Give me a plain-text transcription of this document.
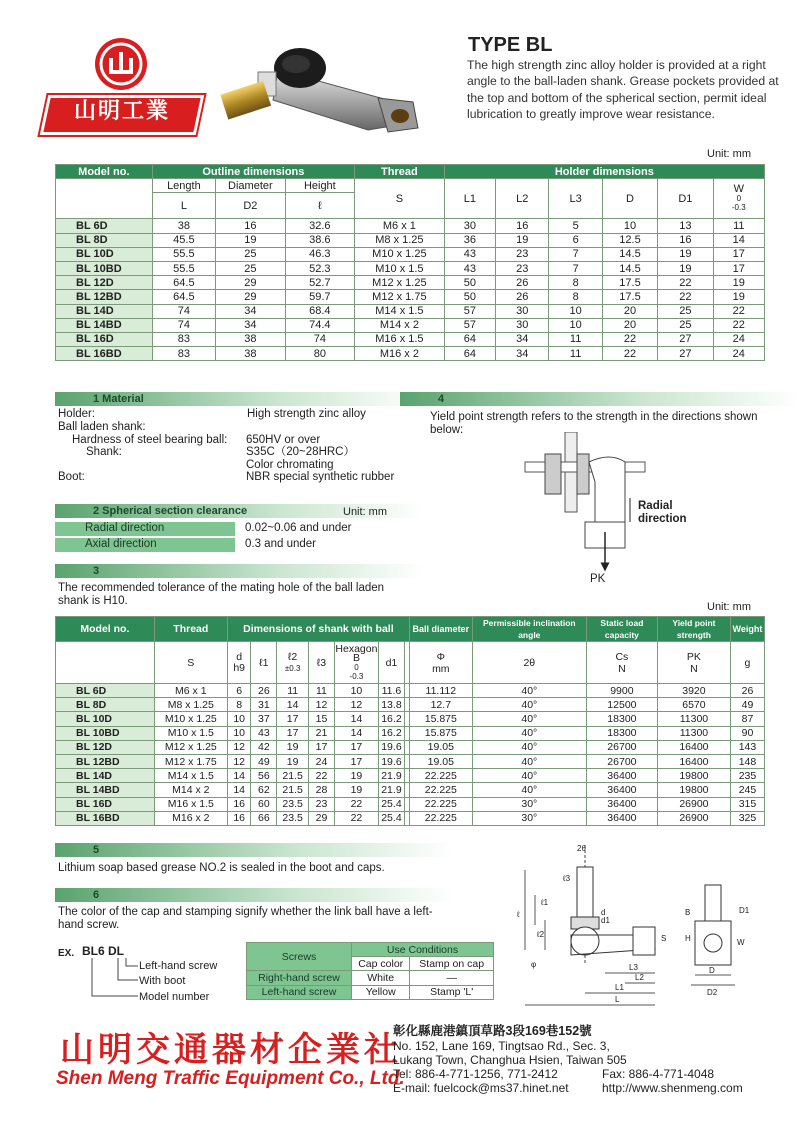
山明工業
TYPE BL
The high strength zinc alloy holder is provided at a right angle to the ball-laden shank. Grease pockets provided at the top and bottom of the spherical section, permit ideal lubrication to greatly improve wear resistance.
Unit: mm
Model no.	Outline dimensions			Thread	Holder dimensions					
	Length	Diameter	Height	S	L1	L2	L3	D	D1	W
0
-0.3
	L	D2	ℓ							
BL 6D	38	16	32.6	M6 x 1	30	16	5	10	13	11
BL 8D	45.5	19	38.6	M8 x 1.25	36	19	6	12.5	16	14
BL 10D	55.5	25	46.3	M10 x 1.25	43	23	7	14.5	19	17
BL 10BD	55.5	25	52.3	M10 x 1.5	43	23	7	14.5	19	17
BL 12D	64.5	29	52.7	M12 x 1.25	50	26	8	17.5	22	19
BL 12BD	64.5	29	59.7	M12 x 1.75	50	26	8	17.5	22	19
BL 14D	74	34	68.4	M14 x 1.5	57	30	10	20	25	22
BL 14BD	74	34	74.4	M14 x 2	57	30	10	20	25	22
BL 16D	83	38	74	M16 x 1.5	64	34	11	22	27	24
BL 16BD	83	38	80	M16 x 2	64	34	11	22	27	24
1 Material
Holder:	High strength zinc alloy
Ball laden shank:
Hardness of steel bearing ball: 650HV or over
Shank:	S35C（20~28HRC）
Color chromating
Boot:	NBR special synthetic rubber
2 Spherical section clearance	Unit: mm
Radial direction	0.02~0.06 and under
Axial direction	0.3 and under
3
The recommended tolerance of the mating hole of the ball laden shank is H10.
4
Yield point strength refers to the strength in the directions shown below:
Radial direction
PK
Unit: mm
Model no.	Thread	Dimensions of shank with ball							Ball diameter	Permissible inclination angle	Static load capacity	Yield point strength	Weight
	S	d
h9	ℓ1	ℓ2
±0.3	ℓ3	Hexagon
B
0
-0.3	d1		Φ
mm	2θ	Cs
N	PK
N	g
BL 6D	M6 x 1	6	26	11	11	10	11.6		11.112	40°	9900	3920	26
BL 8D	M8 x 1.25	8	31	14	12	12	13.8		12.7	40°	12500	6570	49
BL 10D	M10 x 1.25	10	37	17	15	14	16.2		15.875	40°	18300	11300	87
BL 10BD	M10 x 1.5	10	43	17	21	14	16.2		15.875	40°	18300	11300	90
BL 12D	M12 x 1.25	12	42	19	17	17	19.6		19.05	40°	26700	16400	143
BL 12BD	M12 x 1.75	12	49	19	24	17	19.6		19.05	40°	26700	16400	148
BL 14D	M14 x 1.5	14	56	21.5	22	19	21.9		22.225	40°	36400	19800	235
BL 14BD	M14 x 2	14	62	21.5	28	19	21.9		22.225	40°	36400	19800	245
BL 16D	M16 x 1.5	16	60	23.5	23	22	25.4		22.225	30°	36400	26900	315
BL 16BD	M16 x 2	16	66	23.5	29	22	25.4		22.225	30°	36400	26900	325
5
Lithium soap based grease NO.2 is sealed in the boot and caps.
6
The color of the cap and stamping signify whether the link ball have a left-hand screw.
EX. BL6 DL
Left-hand screw
With boot
Model number
Screws	Use Conditions	
	Cap color	Stamp on cap
Right-hand screw	White	—
Left-hand screw	Yellow	Stamp 'L'
2θ
ℓ3
ℓ1
ℓ
ℓ2
d
d1
S
L3
L2
L1
L
φ
B	D1
H	W
D
D2
山明交通器材企業社
Shen Meng Traffic Equipment Co., Ltd.
彰化縣鹿港鎮頂草路3段169巷152號
No. 152, Lane 169, Tingtsao Rd., Sec. 3,
Lukang Town, Changhua Hsien, Taiwan 505
Tel: 886-4-771-1256, 771-2412	Fax: 886-4-771-4048
E-mail: fuelcock@ms37.hinet.net	http://www.shenmeng.com
